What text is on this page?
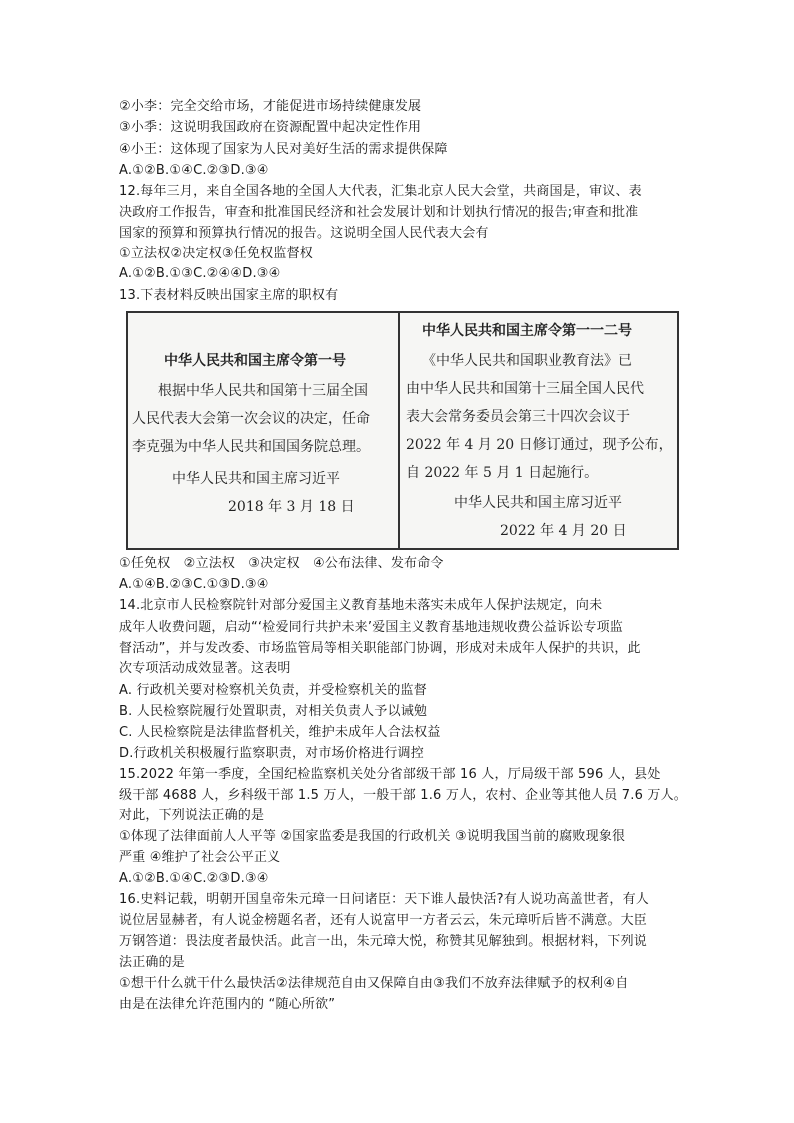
②小李：完全交给市场，才能促进市场持续健康发展
③小季：这说明我国政府在资源配置中起决定性作用
④小王：这体现了国家为人民对美好生活的需求提供保障
A.①②B.①④C.②③D.③④
12.每年三月，来自全国各地的全国人大代表，汇集北京人民大会堂，共商国是，审议、表
决政府工作报告，审查和批准国民经济和社会发展计划和计划执行情况的报告;审查和批准
国家的预算和预算执行情况的报告。这说明全国人民代表大会有
①立法权②决定权③任免权监督权
A.①②B.①③C.②④④D.③④
13.下表材料反映出国家主席的职权有
中华人民共和国主席令第一号
根据中华人民共和国第十三届全国
人民代表大会第一次会议的决定，任命
李克强为中华人民共和国国务院总理。
中华人民共和国主席习近平
2018 年 3 月 18 日
中华人民共和国主席令第一一二号
《中华人民共和国职业教育法》已
由中华人民共和国第十三届全国人民代
表大会常务委员会第三十四次会议于
2022 年 4 月 20 日修订通过，现予公布，
自 2022 年 5 月 1 日起施行。
中华人民共和国主席习近平
2022 年 4 月 20 日
①任免权　②立法权　③决定权　④公布法律、发布命令
A.①④B.②③C.①③D.③④
14.北京市人民检察院针对部分爱国主义教育基地未落实未成年人保护法规定，向未
成年人收费问题，启动“‘检爱同行共护未来’爱国主义教育基地违规收费公益诉讼专项监
督活动”，并与发改委、市场监管局等相关职能部门协调，形成对未成年人保护的共识，此
次专项活动成效显著。这表明
A. 行政机关要对检察机关负责，并受检察机关的监督
B. 人民检察院履行处置职责，对相关负责人予以诫勉
C. 人民检察院是法律监督机关，维护未成年人合法权益
D.行政机关积极履行监察职责，对市场价格进行调控
15.2022 年第一季度，全国纪检监察机关处分省部级干部 16 人，厅局级干部 596 人，县处
级干部 4688 人，乡科级干部 1.5 万人，一般干部 1.6 万人，农村、企业等其他人员 7.6 万人。
对此，下列说法正确的是
①体现了法律面前人人平等 ②国家监委是我国的行政机关 ③说明我国当前的腐败现象很
严重 ④维护了社会公平正义
A.①②B.①④C.②③D.③④
16.史料记载，明朝开国皇帝朱元璋一日问诸臣：天下谁人最快活?有人说功高盖世者，有人
说位居显赫者，有人说金榜题名者，还有人说富甲一方者云云，朱元璋听后皆不满意。大臣
万钢答道：畏法度者最快活。此言一出，朱元璋大悦，称赞其见解独到。根据材料，下列说
法正确的是
①想干什么就干什么最快活②法律规范自由又保障自由③我们不放弃法律赋予的权利④自
由是在法律允许范围内的 “随心所欲”
